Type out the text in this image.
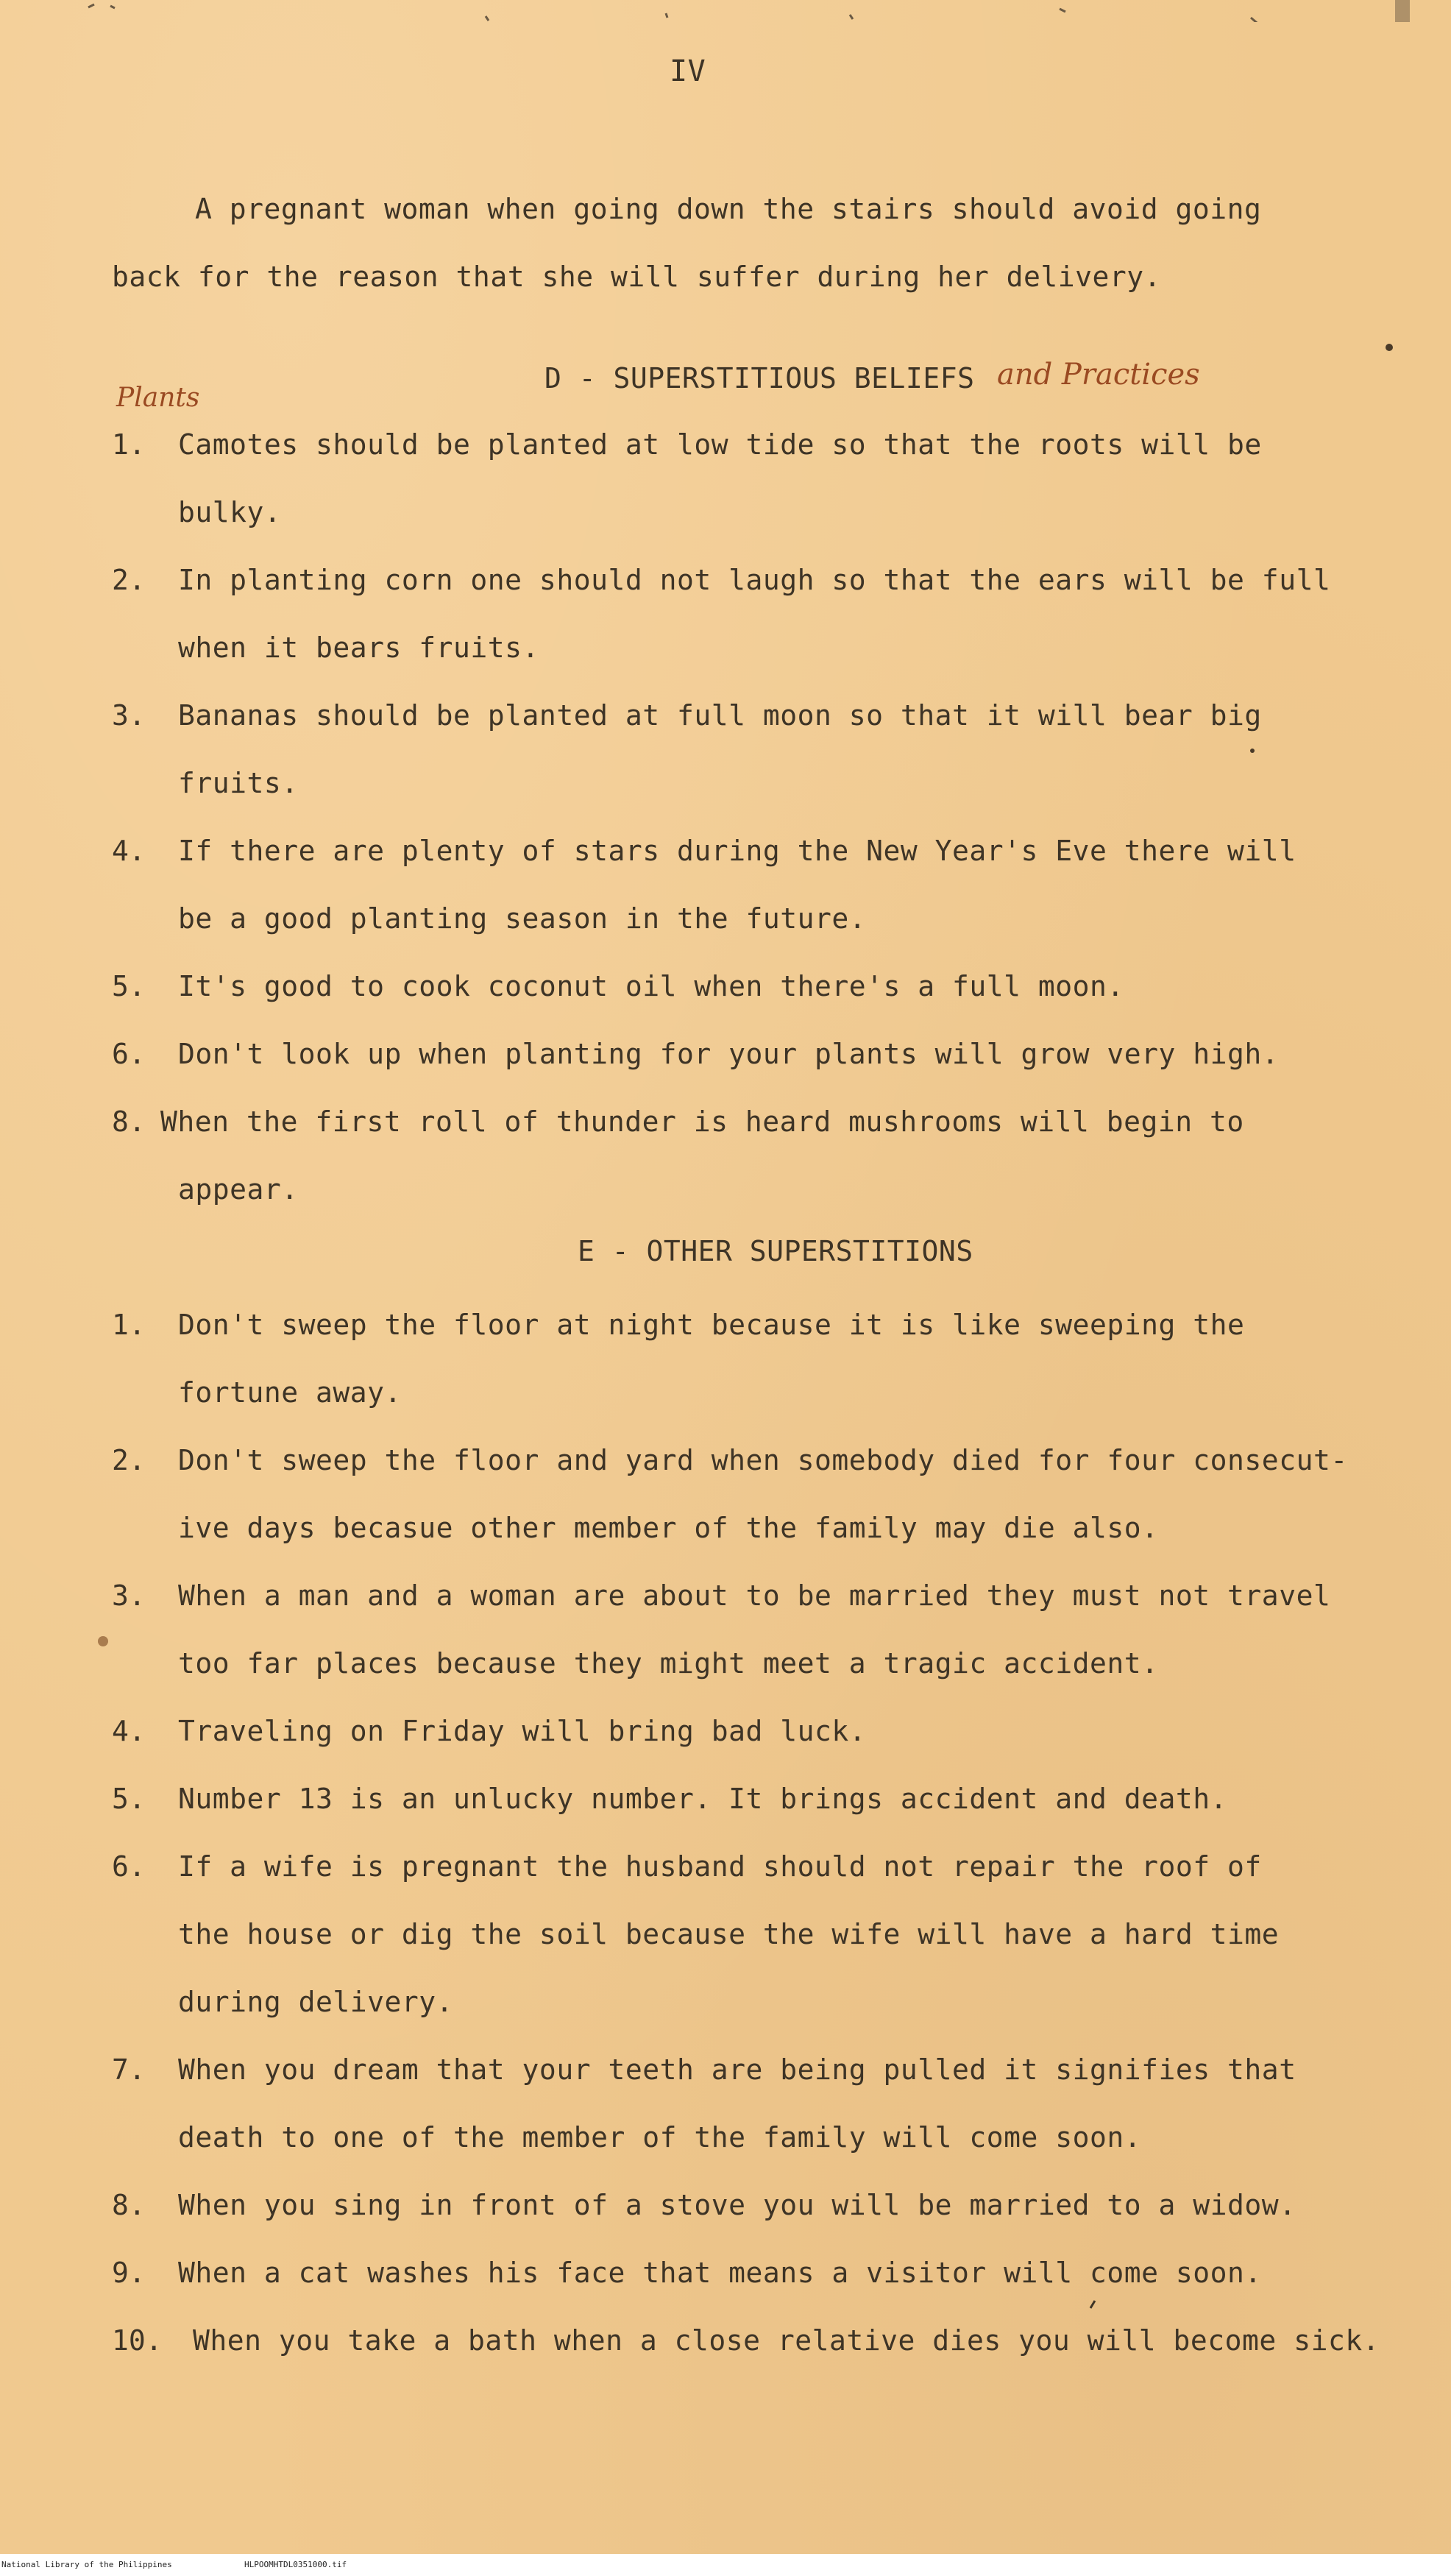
IV
A pregnant woman when going down the stairs should avoid going
back for the reason that she will suffer during her delivery.
D - SUPERSTITIOUS BELIEFS and Practices
Plants
1. Camotes should be planted at low tide so that the roots will be
bulky.
2. In planting corn one should not laugh so that the ears will be full
when it bears fruits.
3. Bananas should be planted at full moon so that it will bear big
fruits.
4. If there are plenty of stars during the New Year's Eve there will
be a good planting season in the future.
5. It's good to cook coconut oil when there's a full moon.
6. Don't look up when planting for your plants will grow very high.
8. When the first roll of thunder is heard mushrooms will begin to
appear.
E - OTHER SUPERSTITIONS
1. Don't sweep the floor at night because it is like sweeping the
fortune away.
2. Don't sweep the floor and yard when somebody died for four consecut-
ive days becasue other member of the family may die also.
3. When a man and a woman are about to be married they must not travel
too far places because they might meet a tragic accident.
4. Traveling on Friday will bring bad luck.
5. Number 13 is an unlucky number. It brings accident and death.
6. If a wife is pregnant the husband should not repair the roof of
the house or dig the soil because the wife will have a hard time
during delivery.
7. When you dream that your teeth are being pulled it signifies that
death to one of the member of the family will come soon.
8. When you sing in front of a stove you will be married to a widow.
9. When a cat washes his face that means a visitor will come soon.
10. When you take a bath when a close relative dies you will become sick.
National Library of the Philippines	HLPOOMHTDL0351000.tif
